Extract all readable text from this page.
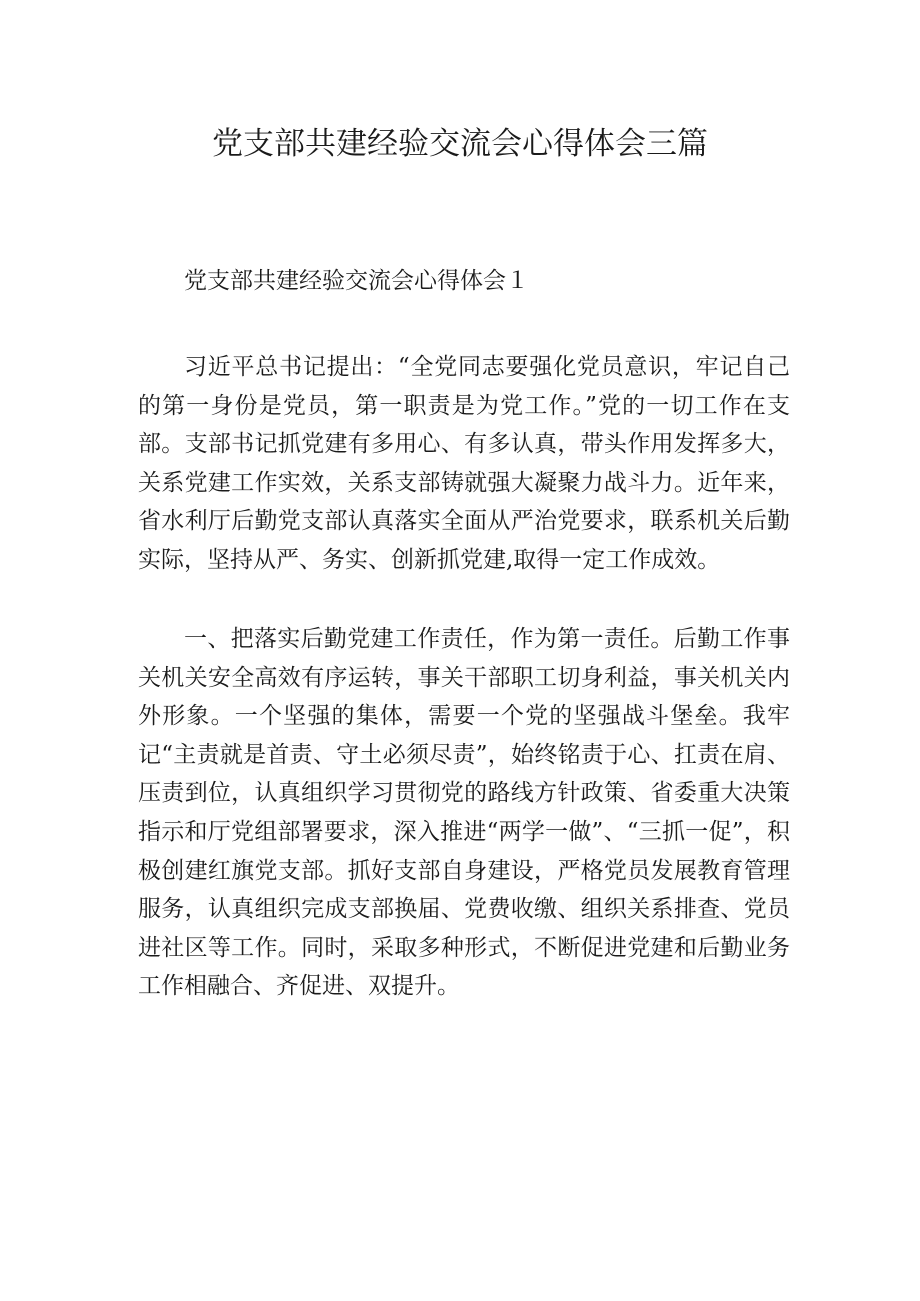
党支部共建经验交流会心得体会三篇

党支部共建经验交流会心得体会１

习近平总书记提出：“全党同志要强化党员意识，牢记自己的第一身份是党员，第一职责是为党工作。”党的一切工作在支部。支部书记抓党建有多用心、有多认真，带头作用发挥多大，关系党建工作实效，关系支部铸就强大凝聚力战斗力。近年来，省水利厅后勤党支部认真落实全面从严治党要求，联系机关后勤实际，坚持从严、务实、创新抓党建,取得一定工作成效。

一、把落实后勤党建工作责任，作为第一责任。后勤工作事关机关安全高效有序运转，事关干部职工切身利益，事关机关内外形象。一个坚强的集体，需要一个党的坚强战斗堡垒。我牢记“主责就是首责、守土必须尽责”，始终铭责于心、扛责在肩、压责到位，认真组织学习贯彻党的路线方针政策、省委重大决策指示和厅党组部署要求，深入推进“两学一做”、“三抓一促”，积极创建红旗党支部。抓好支部自身建设，严格党员发展教育管理服务，认真组织完成支部换届、党费收缴、组织关系排查、党员进社区等工作。同时，采取多种形式，不断促进党建和后勤业务工作相融合、齐促进、双提升。
